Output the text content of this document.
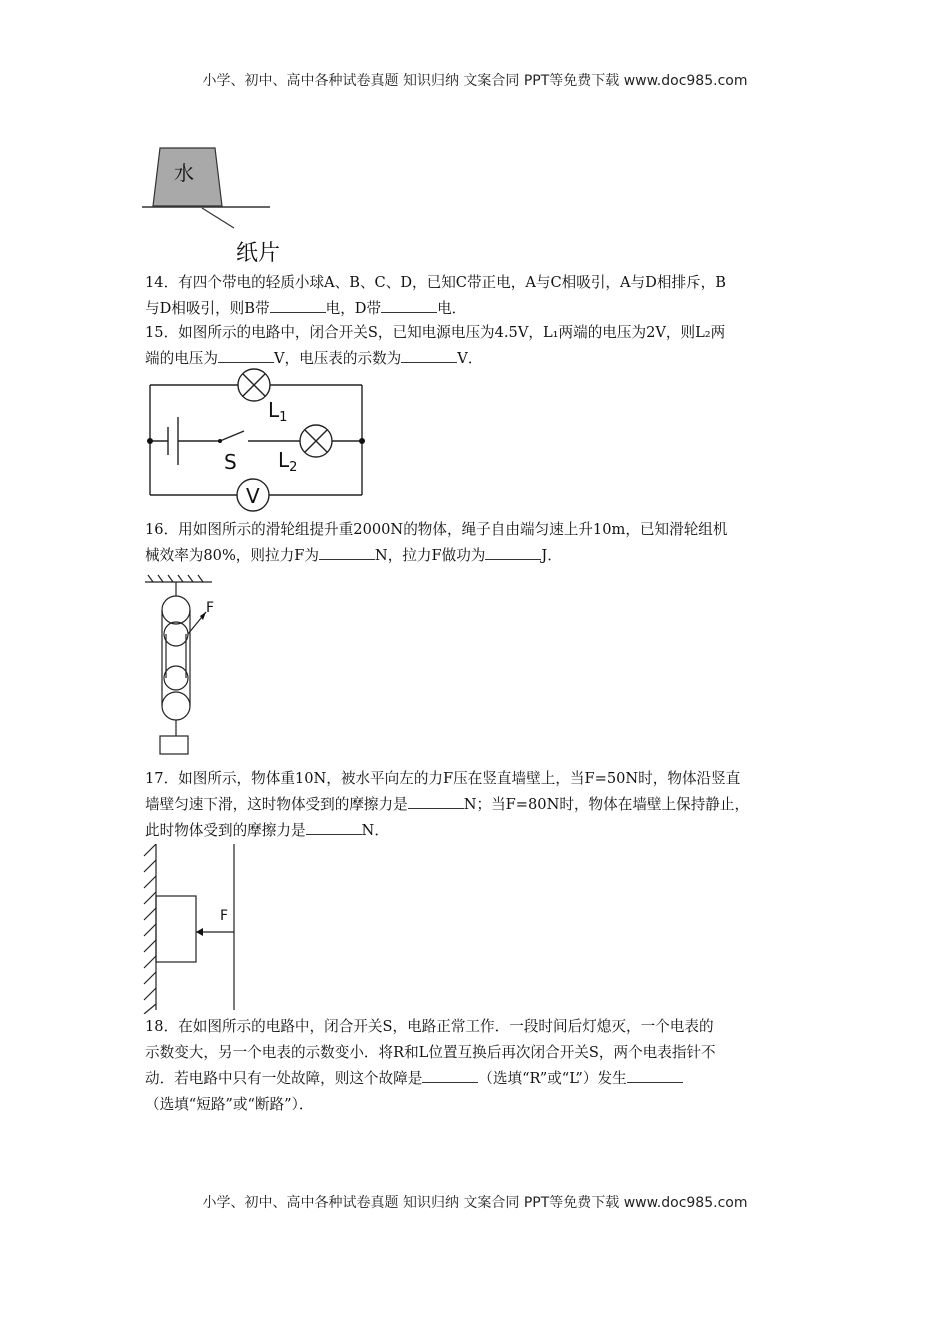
小学、初中、高中各种试卷真题 知识归纳 文案合同 PPT等免费下载 www.doc985.com
水
纸片
14．有四个带电的轻质小球A、B、C、D，已知C带正电，A与C相吸引，A与D相排斥，B
与D相吸引，则B带	电，D带	电．
15．如图所示的电路中，闭合开关S，已知电源电压为4.5V，L₁两端的电压为2V，则L₂两
端的电压为	V，电压表的示数为	V．
$L_1$
S $L_2$
V
16．用如图所示的滑轮组提升重2000N的物体，绳子自由端匀速上升10m，已知滑轮组机
械效率为80%，则拉力F为	N，拉力F做功为	J．
F
17．如图所示，物体重10N，被水平向左的力F压在竖直墙壁上，当F=50N时，物体沿竖直
墙壁匀速下滑，这时物体受到的摩擦力是	N；当F=80N时，物体在墙壁上保持静止，
此时物体受到的摩擦力是	N．
F
18．在如图所示的电路中，闭合开关S，电路正常工作．一段时间后灯熄灭，一个电表的
示数变大，另一个电表的示数变小．将R和L位置互换后再次闭合开关S，两个电表指针不
动．若电路中只有一处故障，则这个故障是	（选填“R”或“L”）发生
（选填“短路”或“断路”）．
小学、初中、高中各种试卷真题 知识归纳 文案合同 PPT等免费下载 www.doc985.com
